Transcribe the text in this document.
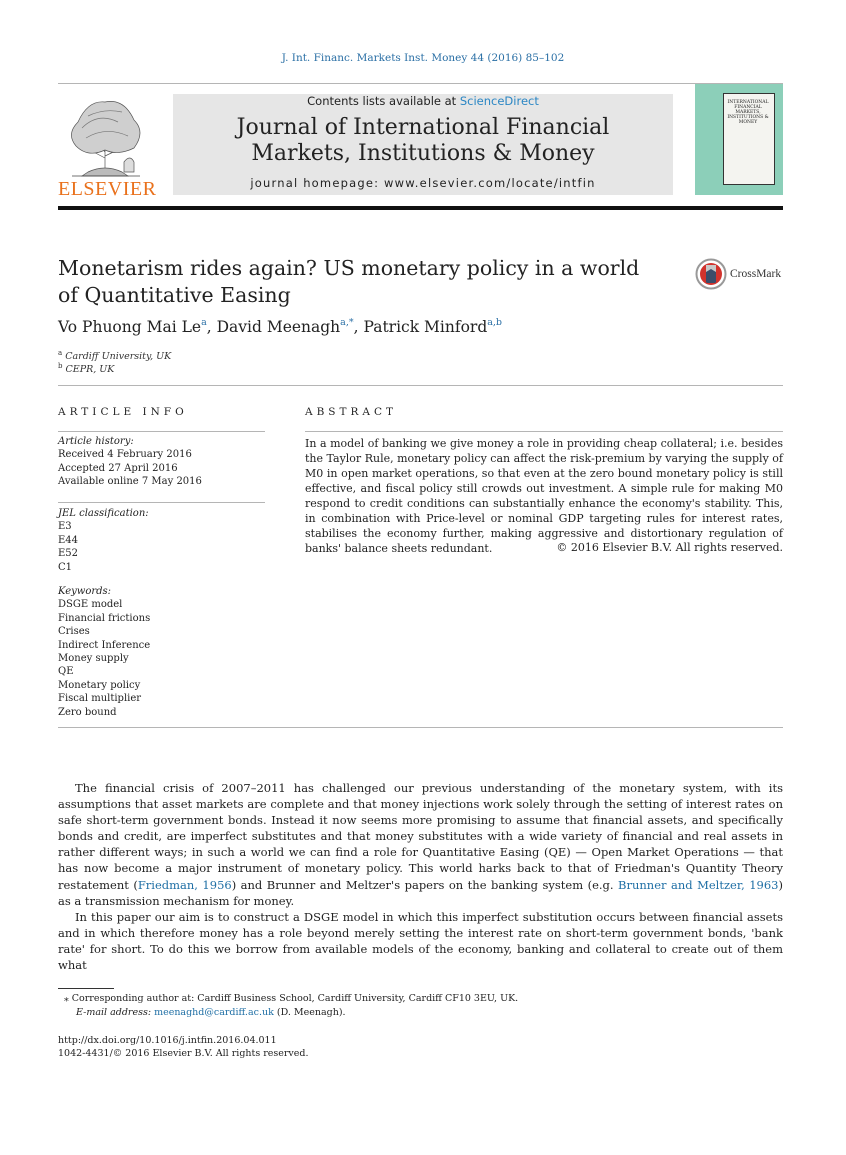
J. Int. Financ. Markets Inst. Money 44 (2016) 85–102
ELSEVIER
Contents lists available at ScienceDirect
Journal of International Financial
Markets, Institutions & Money
journal homepage: www.elsevier.com/locate/intfin
INTERNATIONAL FINANCIAL MARKETS, INSTITUTIONS & MONEY
Monetarism rides again? US monetary policy in a world
of Quantitative Easing
CrossMark
Vo Phuong Mai Le$^a$, David Meenagh$^{a,*}$, Patrick Minford$^{a,b}$
$^a$ Cardiff University, UK
$^b$ CEPR, UK
ARTICLE INFO
Article history:
Received 4 February 2016
Accepted 27 April 2016
Available online 7 May 2016
JEL classification:
E3
E44
E52
C1
Keywords:
DSGE model
Financial frictions
Crises
Indirect Inference
Money supply
QE
Monetary policy
Fiscal multiplier
Zero bound
ABSTRACT
In a model of banking we give money a role in providing cheap collateral; i.e. besides the Taylor Rule, monetary policy can affect the risk-premium by varying the supply of M0 in open market operations, so that even at the zero bound monetary policy is still effective, and fiscal policy still crowds out investment. A simple rule for making M0 respond to credit conditions can substantially enhance the economy's stability. This, in combination with Price-level or nominal GDP targeting rules for interest rates, stabilises the economy further, making aggressive and distortionary regulation of banks' balance sheets redundant.	© 2016 Elsevier B.V. All rights reserved.

The financial crisis of 2007–2011 has challenged our previous understanding of the monetary system, with its assumptions that asset markets are complete and that money injections work solely through the setting of interest rates on safe short-term government bonds. Instead it now seems more promising to assume that financial assets, and specifically bonds and credit, are imperfect substitutes and that money substitutes with a wide variety of financial and real assets in rather different ways; in such a world we can find a role for Quantitative Easing (QE) — Open Market Operations — that has now become a major instrument of monetary policy. This world harks back to that of Friedman's Quantity Theory restatement (Friedman, 1956) and Brunner and Meltzer's papers on the banking system (e.g. Brunner and Meltzer, 1963) as a transmission mechanism for money.

In this paper our aim is to construct a DSGE model in which this imperfect substitution occurs between financial assets and in which therefore money has a role beyond merely setting the interest rate on short-term government bonds, 'bank rate' for short. To do this we borrow from available models of the economy, banking and collateral to create out of them what

⁎ Corresponding author at: Cardiff Business School, Cardiff University, Cardiff CF10 3EU, UK.
E-mail address: meenaghd@cardiff.ac.uk (D. Meenagh).
http://dx.doi.org/10.1016/j.intfin.2016.04.011
1042-4431/© 2016 Elsevier B.V. All rights reserved.
